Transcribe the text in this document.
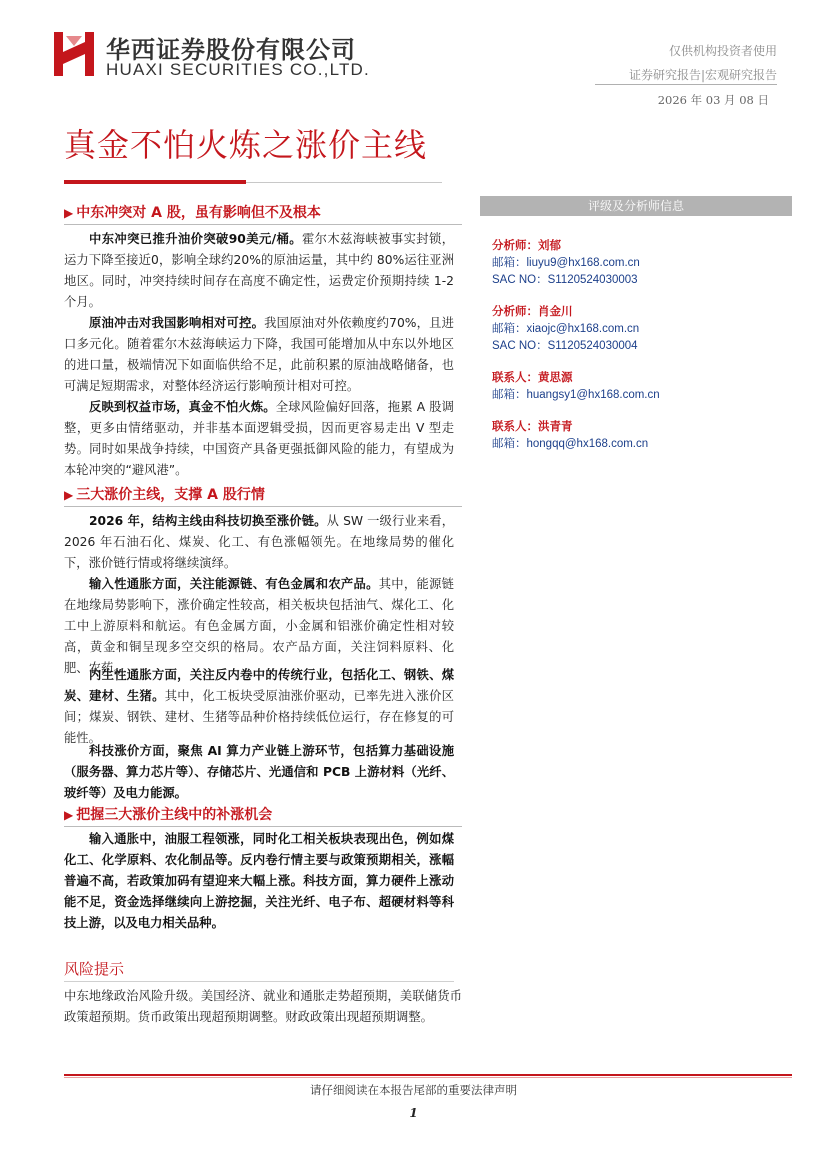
华西证券股份有限公司
HUAXI SECURITIES CO.,LTD.
仅供机构投资者使用
证券研究报告|宏观研究报告
2026 年 03 月 08 日
真金不怕火炼之涨价主线
▶ 中东冲突对 A 股，虽有影响但不及根本

中东冲突已推升油价突破90美元/桶。霍尔木兹海峡被事实封锁，运力下降至接近0，影响全球约20%的原油运量，其中约 80%运往亚洲地区。同时，冲突持续时间存在高度不确定性，运费定价预期持续 1-2 个月。

原油冲击对我国影响相对可控。我国原油对外依赖度约70%，且进口多元化。随着霍尔木兹海峡运力下降，我国可能增加从中东以外地区的进口量，极端情况下如面临供给不足，此前积累的原油战略储备，也可满足短期需求，对整体经济运行影响预计相对可控。

反映到权益市场，真金不怕火炼。全球风险偏好回落，拖累 A 股调整，更多由情绪驱动，并非基本面逻辑受损，因而更容易走出 V 型走势。同时如果战争持续，中国资产具备更强抵御风险的能力，有望成为本轮冲突的“避风港”。

▶ 三大涨价主线，支撑 A 股行情

2026 年，结构主线由科技切换至涨价链。从 SW 一级行业来看，2026 年石油石化、煤炭、化工、有色涨幅领先。在地缘局势的催化下，涨价链行情或将继续演绎。

输入性通胀方面，关注能源链、有色金属和农产品。其中，能源链在地缘局势影响下，涨价确定性较高，相关板块包括油气、煤化工、化工中上游原料和航运。有色金属方面，小金属和铝涨价确定性相对较高，黄金和铜呈现多空交织的格局。农产品方面，关注饲料原料、化肥、农药。

内生性通胀方面，关注反内卷中的传统行业，包括化工、钢铁、煤炭、建材、生猪。其中，化工板块受原油涨价驱动，已率先进入涨价区间；煤炭、钢铁、建材、生猪等品种价格持续低位运行，存在修复的可能性。

科技涨价方面，聚焦 AI 算力产业链上游环节，包括算力基础设施（服务器、算力芯片等）、存储芯片、光通信和 PCB 上游材料（光纤、玻纤等）及电力能源。

▶ 把握三大涨价主线中的补涨机会

输入通胀中，油服工程领涨，同时化工相关板块表现出色，例如煤化工、化学原料、农化制品等。反内卷行情主要与政策预期相关，涨幅普遍不高，若政策加码有望迎来大幅上涨。科技方面，算力硬件上涨动能不足，资金选择继续向上游挖掘，关注光纤、电子布、超硬材料等科技上游，以及电力相关品种。

风险提示

中东地缘政治风险升级。美国经济、就业和通胀走势超预期，美联储货币政策超预期。货币政策出现超预期调整。财政政策出现超预期调整。

评级及分析师信息
分析师：刘郁
邮箱：liuyu9@hx168.com.cn
SAC NO：S1120524030003
分析师：肖金川
邮箱：xiaojc@hx168.com.cn
SAC NO：S1120524030004
联系人：黄思源
邮箱：huangsy1@hx168.com.cn
联系人：洪青青
邮箱：hongqq@hx168.com.cn
请仔细阅读在本报告尾部的重要法律声明
1
